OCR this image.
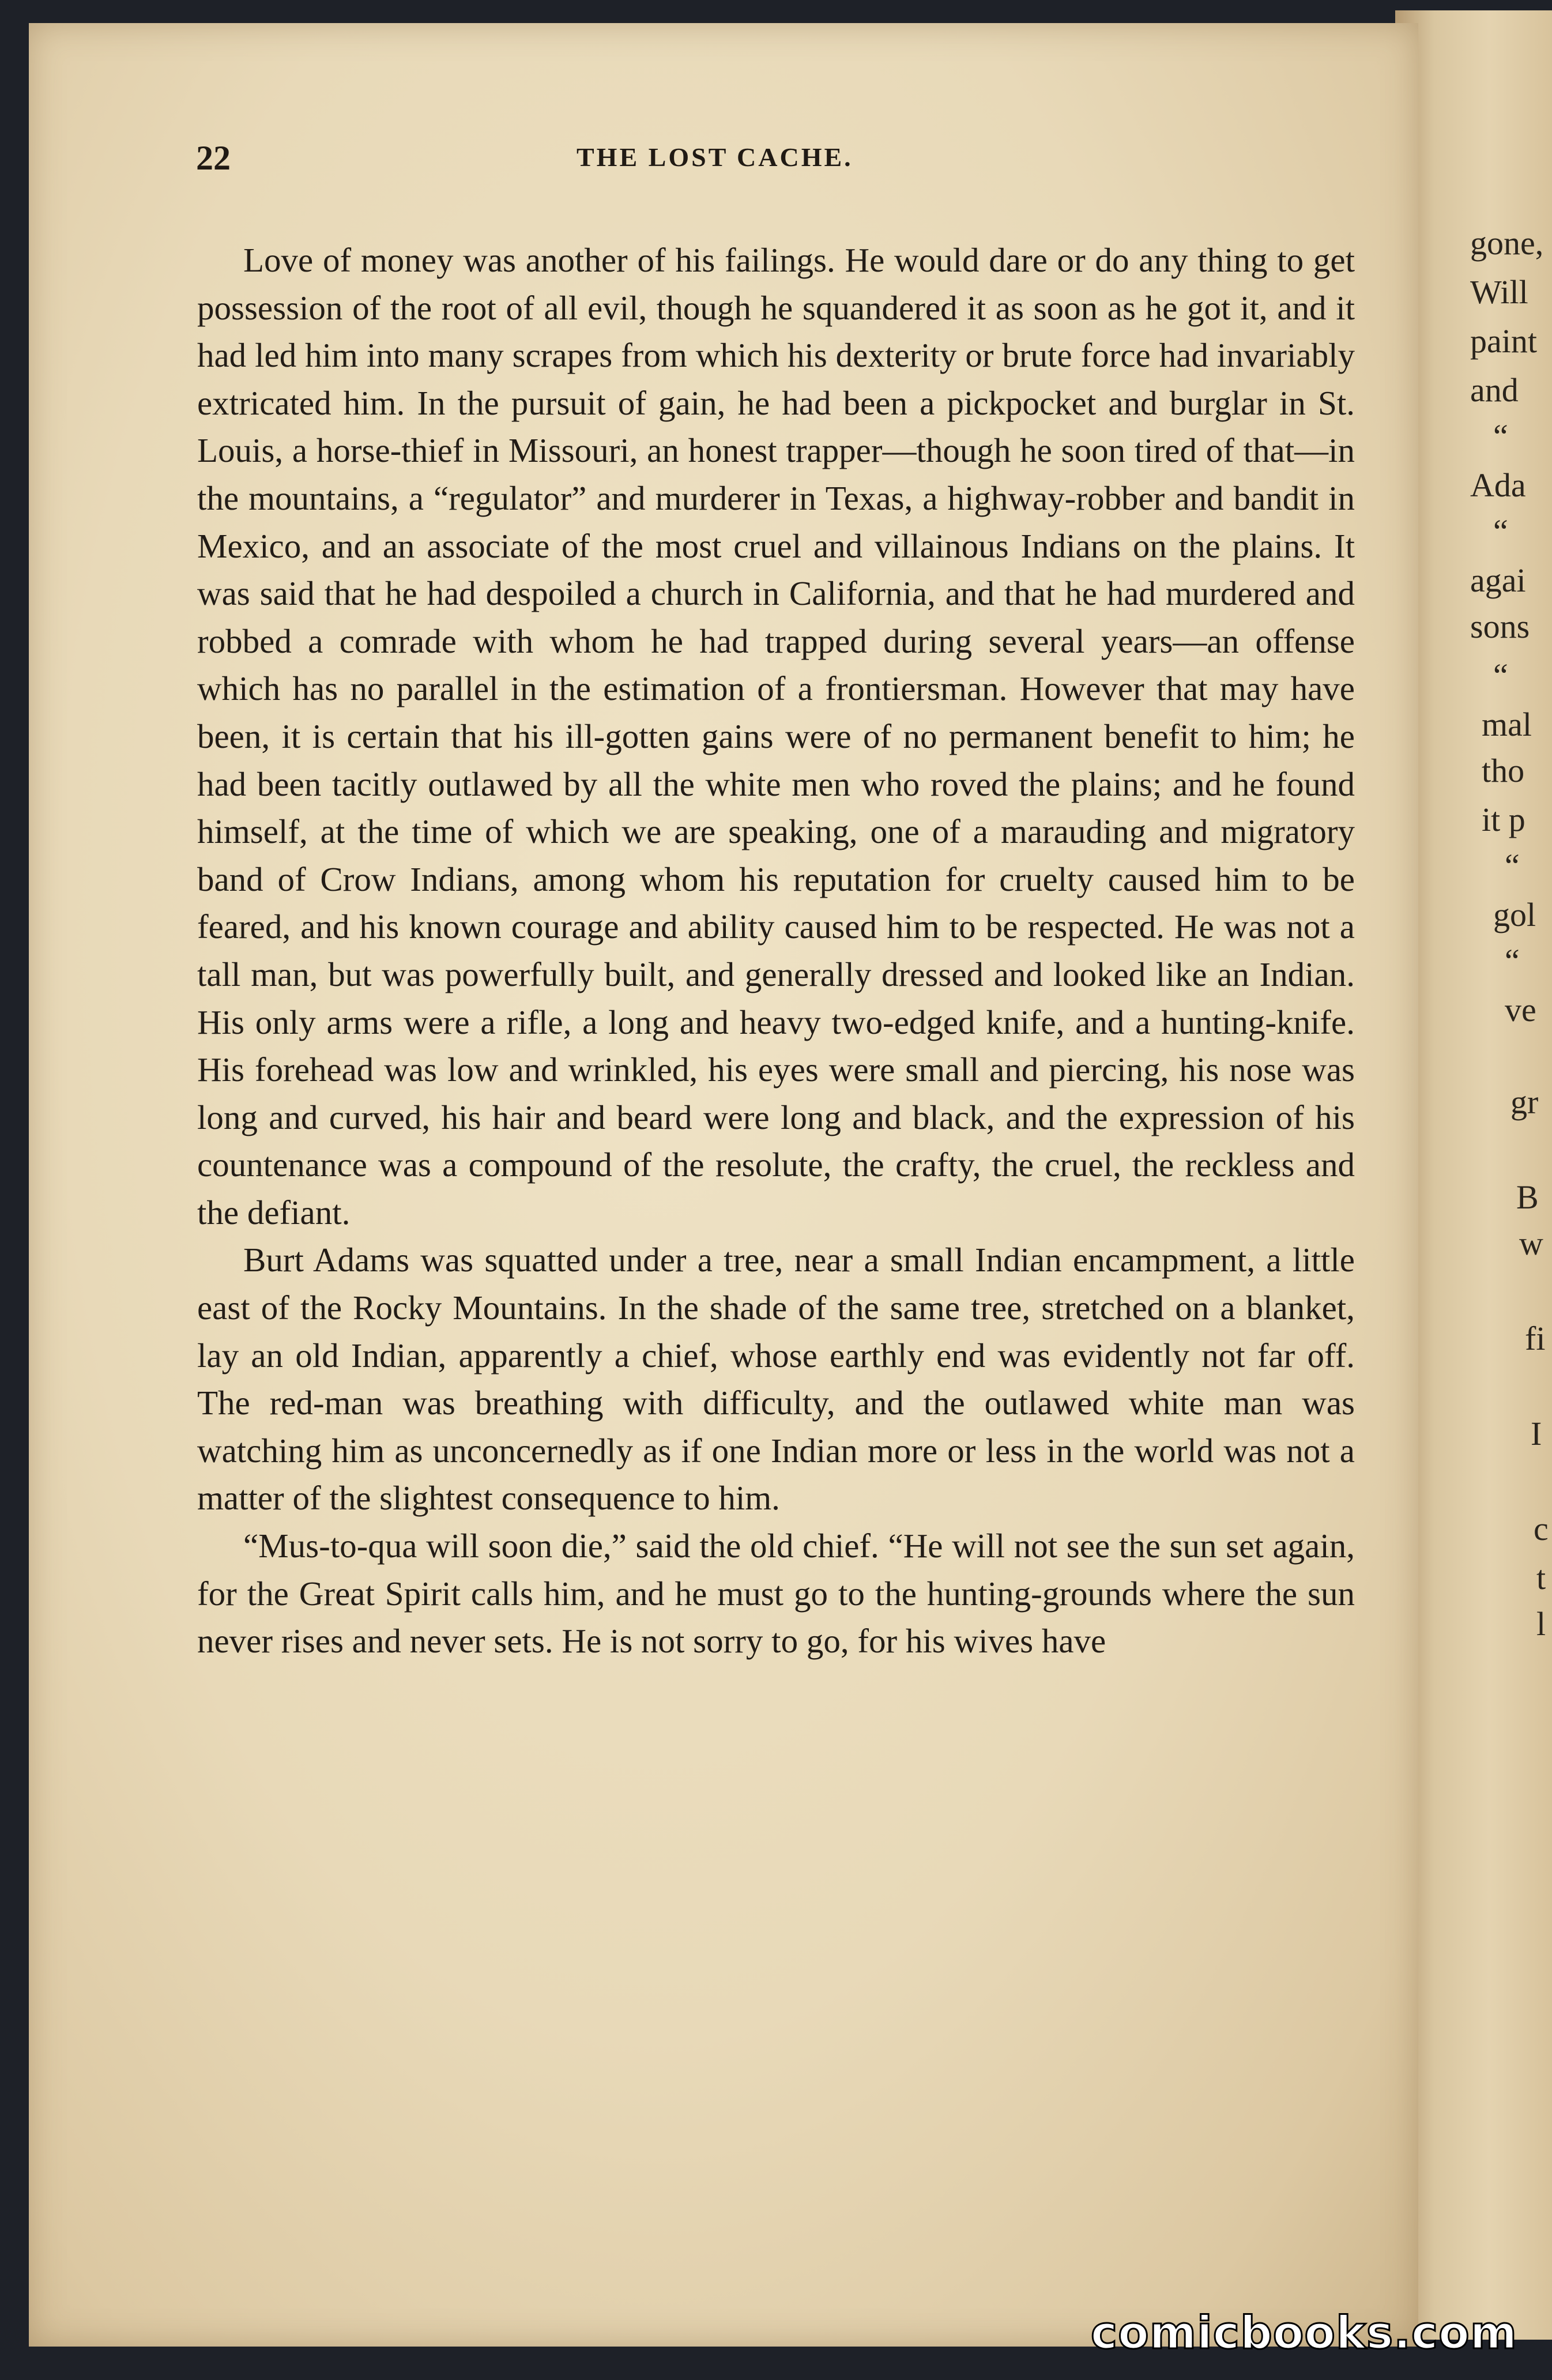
gone,
Will
paint
and
“
Ada
“
agai
sons
“
mal
tho
it p
“
gol
“
ve
gr
B
w
fi
I
c
t
l
22	THE LOST CACHE.

Love of money was another of his failings. He would dare or do any thing to get possession of the root of all evil, though he squandered it as soon as he got it, and it had led him into many scrapes from which his dexterity or brute force had invariably extricated him. In the pursuit of gain, he had been a pickpocket and burglar in St. Louis, a horse-thief in Missouri, an honest trapper—though he soon tired of that—in the mountains, a “regulator” and murderer in Texas, a highway-robber and bandit in Mexico, and an associate of the most cruel and villainous Indians on the plains. It was said that he had despoiled a church in California, and that he had murdered and robbed a comrade with whom he had trapped during several years—an offense which has no parallel in the estimation of a frontiersman. However that may have been, it is certain that his ill-gotten gains were of no permanent benefit to him; he had been tacitly outlawed by all the white men who roved the plains; and he found himself, at the time of which we are speaking, one of a marauding and migratory band of Crow Indians, among whom his reputation for cruelty caused him to be feared, and his known courage and ability caused him to be respected. He was not a tall man, but was powerfully built, and generally dressed and looked like an Indian. His only arms were a rifle, a long and heavy two-edged knife, and a hunting-knife. His forehead was low and wrinkled, his eyes were small and piercing, his nose was long and curved, his hair and beard were long and black, and the expression of his countenance was a compound of the resolute, the crafty, the cruel, the reckless and the defiant.

Burt Adams was squatted under a tree, near a small Indian encampment, a little east of the Rocky Mountains. In the shade of the same tree, stretched on a blanket, lay an old Indian, apparently a chief, whose earthly end was evidently not far off. The red-man was breathing with difficulty, and the outlawed white man was watching him as unconcernedly as if one Indian more or less in the world was not a matter of the slightest consequence to him.

“Mus-to-qua will soon die,” said the old chief. “He will not see the sun set again, for the Great Spirit calls him, and he must go to the hunting-grounds where the sun never rises and never sets. He is not sorry to go, for his wives have

comicbooks.com
